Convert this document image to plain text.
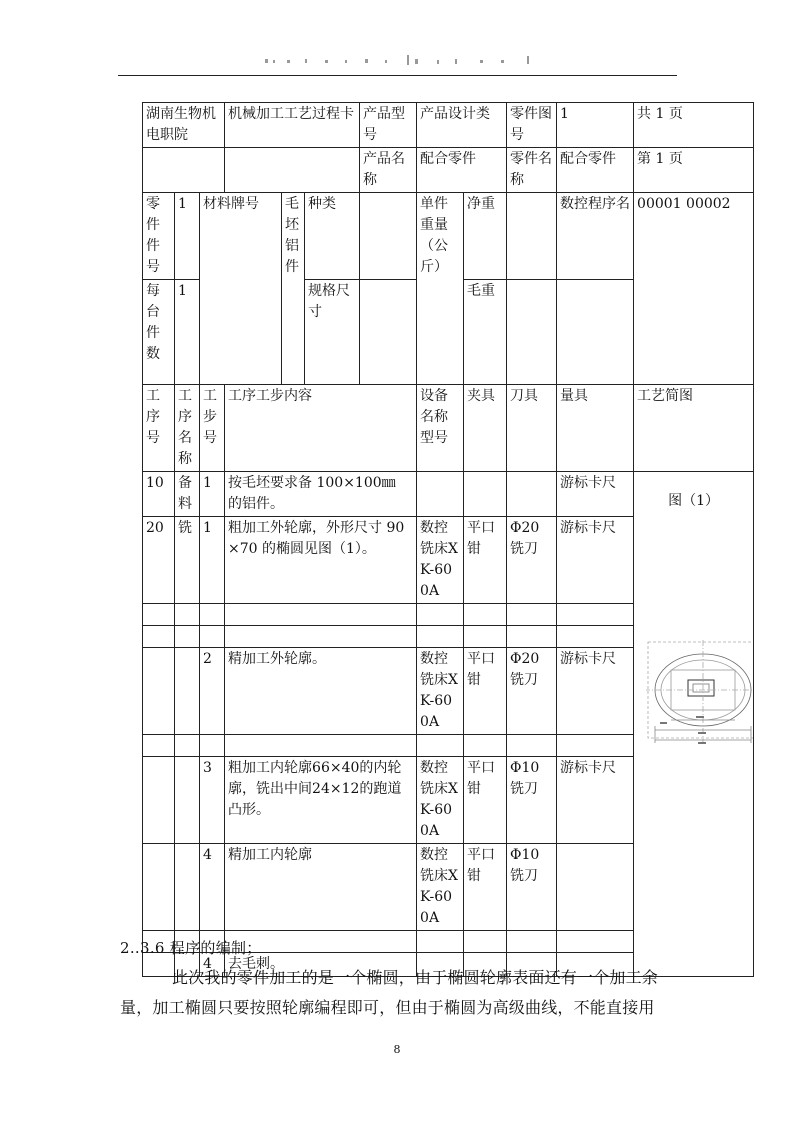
湖南生物机电职院			机械加工工艺过程卡			产品型号	产品设计类		零件图号	1	共 1 页
						产品名称	配合零件		零件名称	配合零件	第 1 页
零件件号	1	材料牌号		毛坯铝件	种类		单件重量（公斤）	净重		数控程序名	00001 00002
每台件数	1				规格尺寸			毛重			
工序号	工序名称	工步号	工序工步内容				设备名称型号	夹具	刀具	量具	工艺简图
10	备料	1	按毛坯要求备 100×100㎜ 的铝件。							游标卡尺	图（1）

20	铣	1	粗加工外轮廓，外形尺寸 90×70 的椭圆见图（1）。				数控铣床XK-600A	平口钳	Φ20铣刀	游标卡尺	

		2	精加工外轮廓。				数控铣床XK-600A	平口钳	Φ20铣刀	游标卡尺	

		3	粗加工内轮廓66×40的内轮廓，铣出中间24×12的跑道凸形。				数控铣床XK-600A	平口钳	Φ10铣刀	游标卡尺	
		4	精加工内轮廓				数控铣床XK-600A	平口钳	Φ10铣刀		

		4	去毛刺。								
2..3.6 程序的编制；
此次我的零件加工的是一个椭圆，由于椭圆轮廓表面还有一个加工余
量，加工椭圆只要按照轮廓编程即可，但由于椭圆为高级曲线，不能直接用
8
